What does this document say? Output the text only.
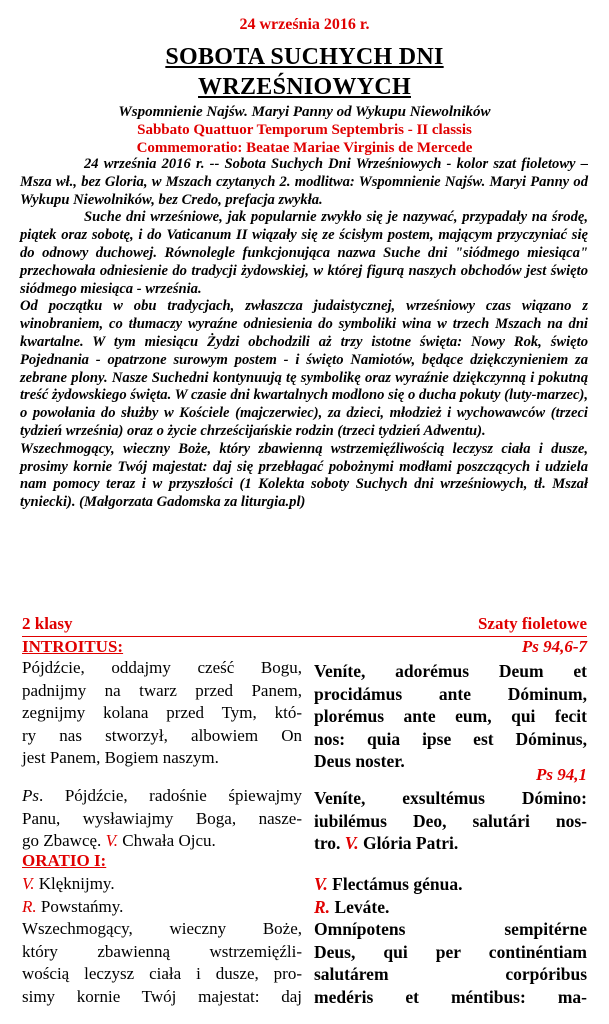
24 września 2016 r.
SOBOTA SUCHYCH DNI
WRZEŚNIOWYCH
Wspomnienie Najśw. Maryi Panny od Wykupu Niewolników
Sabbato Quattuor Temporum Septembris - II classis
Commemoratio: Beatae Mariae Virginis de Mercede

24 września 2016 r. -- Sobota Suchych Dni Wrześniowych - kolor szat fioletowy – Msza wł., bez Gloria, w Mszach czytanych 2. modlitwa: Wspomnienie Najśw. Maryi Panny od Wykupu Niewolników, bez Credo, prefacja zwykła.

Suche dni wrześniowe, jak popularnie zwykło się je nazywać, przypadały na środę, piątek oraz sobotę, i do Vaticanum II wiązały się ze ścisłym postem, mającym przyczyniać się do odnowy duchowej. Równolegle funkcjonująca nazwa Suche dni "siódmego miesiąca" przechowała odniesienie do tradycji żydowskiej, w której figurą naszych obchodów jest święto siódmego miesiąca - września.

Od początku w obu tradycjach, zwłaszcza judaistycznej, wrześniowy czas wiązano z winobraniem, co tłumaczy wyraźne odniesienia do symboliki wina w trzech Mszach na dni kwartalne. W tym miesiącu Żydzi obchodzili aż trzy istotne święta: Nowy Rok, święto Pojednania - opatrzone surowym postem - i święto Namiotów, będące dziękczynieniem za zebrane plony. Nasze Suchedni kontynuują tę symbolikę oraz wyraźnie dziękczynną i pokutną treść żydowskiego święta. W czasie dni kwartalnych modlono się o ducha pokuty (luty-marzec), o powołania do służby w Kościele (majczerwiec), za dzieci, młodzież i wychowawców (trzeci tydzień września) oraz o życie chrześcijańskie rodzin (trzeci tydzień Adwentu).

Wszechmogący, wieczny Boże, który zbawienną wstrzemięźliwością leczysz ciała i dusze, prosimy kornie Twój majestat: daj się przebłagać pobożnymi modłami poszczących i udziela nam pomocy teraz i w przyszłości (1 Kolekta soboty Suchych dni wrześniowych, tł. Mszał tyniecki). (Małgorzata Gadomska za liturgia.pl)

2 klasy	Szaty fioletowe
INTROITUS:	Ps 94,6-7
Pójdźcie, oddajmy cześć Bogu,
padnijmy na twarz przed Panem,
zegnijmy kolana przed Tym, któ-
ry nas stworzył, albowiem On
jest Panem, Bogiem naszym.
Veníte, adorémus Deum et
procidámus ante Dóminum,
plorémus ante eum, qui fecit
nos: quia ipse est Dóminus,
Deus noster.
Ps 94,1
Ps. Pójdźcie, radośnie śpiewajmy
Panu, wysławiajmy Boga, nasze-
go Zbawcę. V. Chwała Ojcu.
Veníte, exsultémus Dómino:
iubilémus Deo, salutári nos-
tro. V. Glória Patri.
ORATIO I:
V. Klęknijmy.
R. Powstańmy.
Wszechmogący, wieczny Boże,
który zbawienną wstrzemięźli-
wością leczysz ciała i dusze, pro-
simy kornie Twój majestat: daj
V. Flectámus génua.
R. Leváte.
Omnípotens sempitérne
Deus, qui per continéntiam
salutárem corpóribus
medéris et méntibus: ma-
